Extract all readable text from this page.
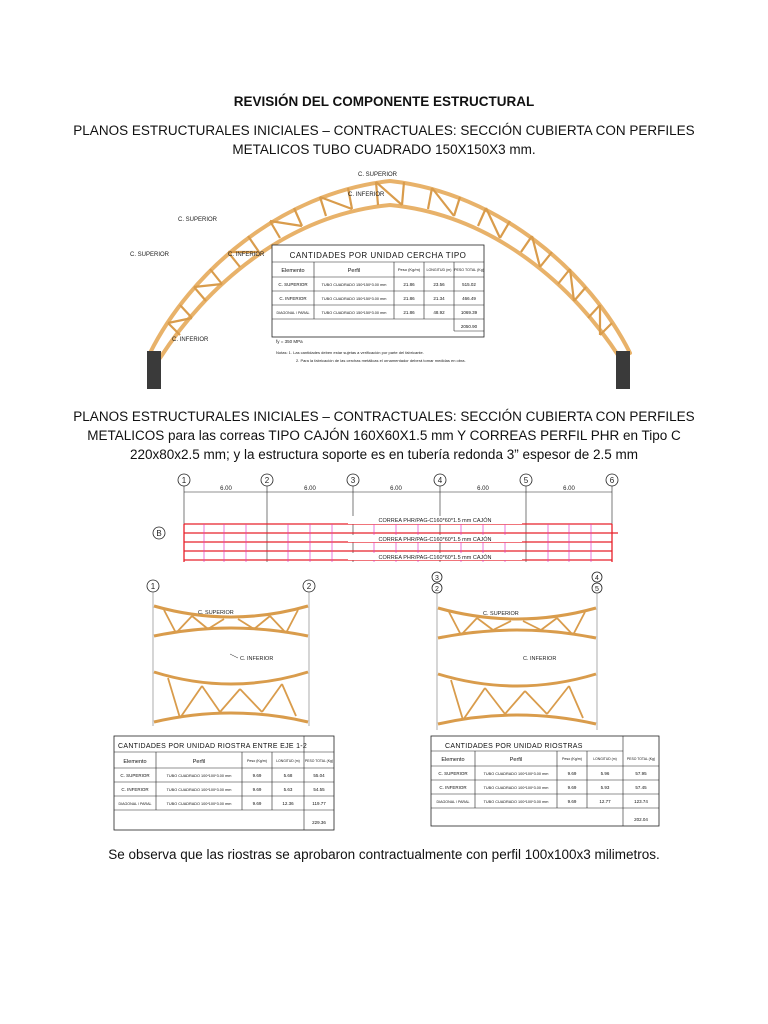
REVISIÓN DEL COMPONENTE ESTRUCTURAL
PLANOS ESTRUCTURALES INICIALES – CONTRACTUALES: SECCIÓN CUBIERTA CON PERFILES
METALICOS TUBO CUADRADO 150X150X3 mm.
C. SUPERIOR
C. INFERIOR
C. SUPERIOR
C. SUPERIOR	C. INFERIOR
C. INFERIOR
CANTIDADES POR UNIDAD CERCHA TIPO
Elemento	Perfil	Peso (Kg/m) LONGITUD (m) PESO TOTAL (Kg)
C. SUPERIOR	TUBO CUADRADO 150*150*3.00 mm	21.86	23.56	515.02
C. INFERIOR	TUBO CUADRADO 150*150*3.00 mm	21.86	21.34	466.49
DIAGONAL / PARAL	TUBO CUADRADO 150*150*3.00 mm	21.86	48.92	1069.39
2050.90
fy = 350 MPa
Notas: 1. Las cantidades deben estar sujetas a verificación por parte del fabricante.
2. Para la fabricación de las cerchas metálicas el ornamentador deberá tomar medidas en obra.
PLANOS ESTRUCTURALES INICIALES – CONTRACTUALES: SECCIÓN CUBIERTA CON PERFILES
METALICOS para las correas TIPO CAJÓN 160X60X1.5 mm Y CORREAS PERFIL PHR en Tipo C
220x80x2.5 mm; y la estructura soporte es en tubería redonda 3” espesor de 2.5 mm
1	2	3	4	5	6
B
6.00	6.00	6.00	6.00	6.00
CORREA PHR/PAG-C160*60*1.5 mm CAJÓN
CORREA PHR/PAG-C160*60*1.5 mm CAJÓN
CORREA PHR/PAG-C160*60*1.5 mm CAJÓN
1	2
C. SUPERIOR
C. INFERIOR
CANTIDADES POR UNIDAD RIOSTRA ENTRE EJE 1-2
Elemento	Perfil	Peso (Kg/m)	LONGITUD (m) PESO TOTAL (Kg)
C. SUPERIOR	TUBO CUADRADO 100*100*3.00 mm	9.69	5.68	55.04
C. INFERIOR	TUBO CUADRADO 100*100*3.00 mm	9.69	5.63	54.55
DIAGONAL / PARAL	TUBO CUADRADO 100*100*3.00 mm	9.69	12.36	119.77
229.36
3
2
4
5
C. SUPERIOR
C. INFERIOR
CANTIDADES POR UNIDAD RIOSTRAS
Elemento	Perfil	Peso (Kg/m)	LONGITUD (m)	PESO TOTAL (Kg)
C. SUPERIOR	TUBO CUADRADO 100*100*3.00 mm	9.69	5.96	57.95
C. INFERIOR	TUBO CUADRADO 100*100*3.00 mm	9.69	5.93	57.45
DIAGONAL / PARAL	TUBO CUADRADO 100*100*3.00 mm	9.69	12.77	123.74
202.04
Se observa que las riostras se aprobaron contractualmente con perfil 100x100x3 milimetros.
